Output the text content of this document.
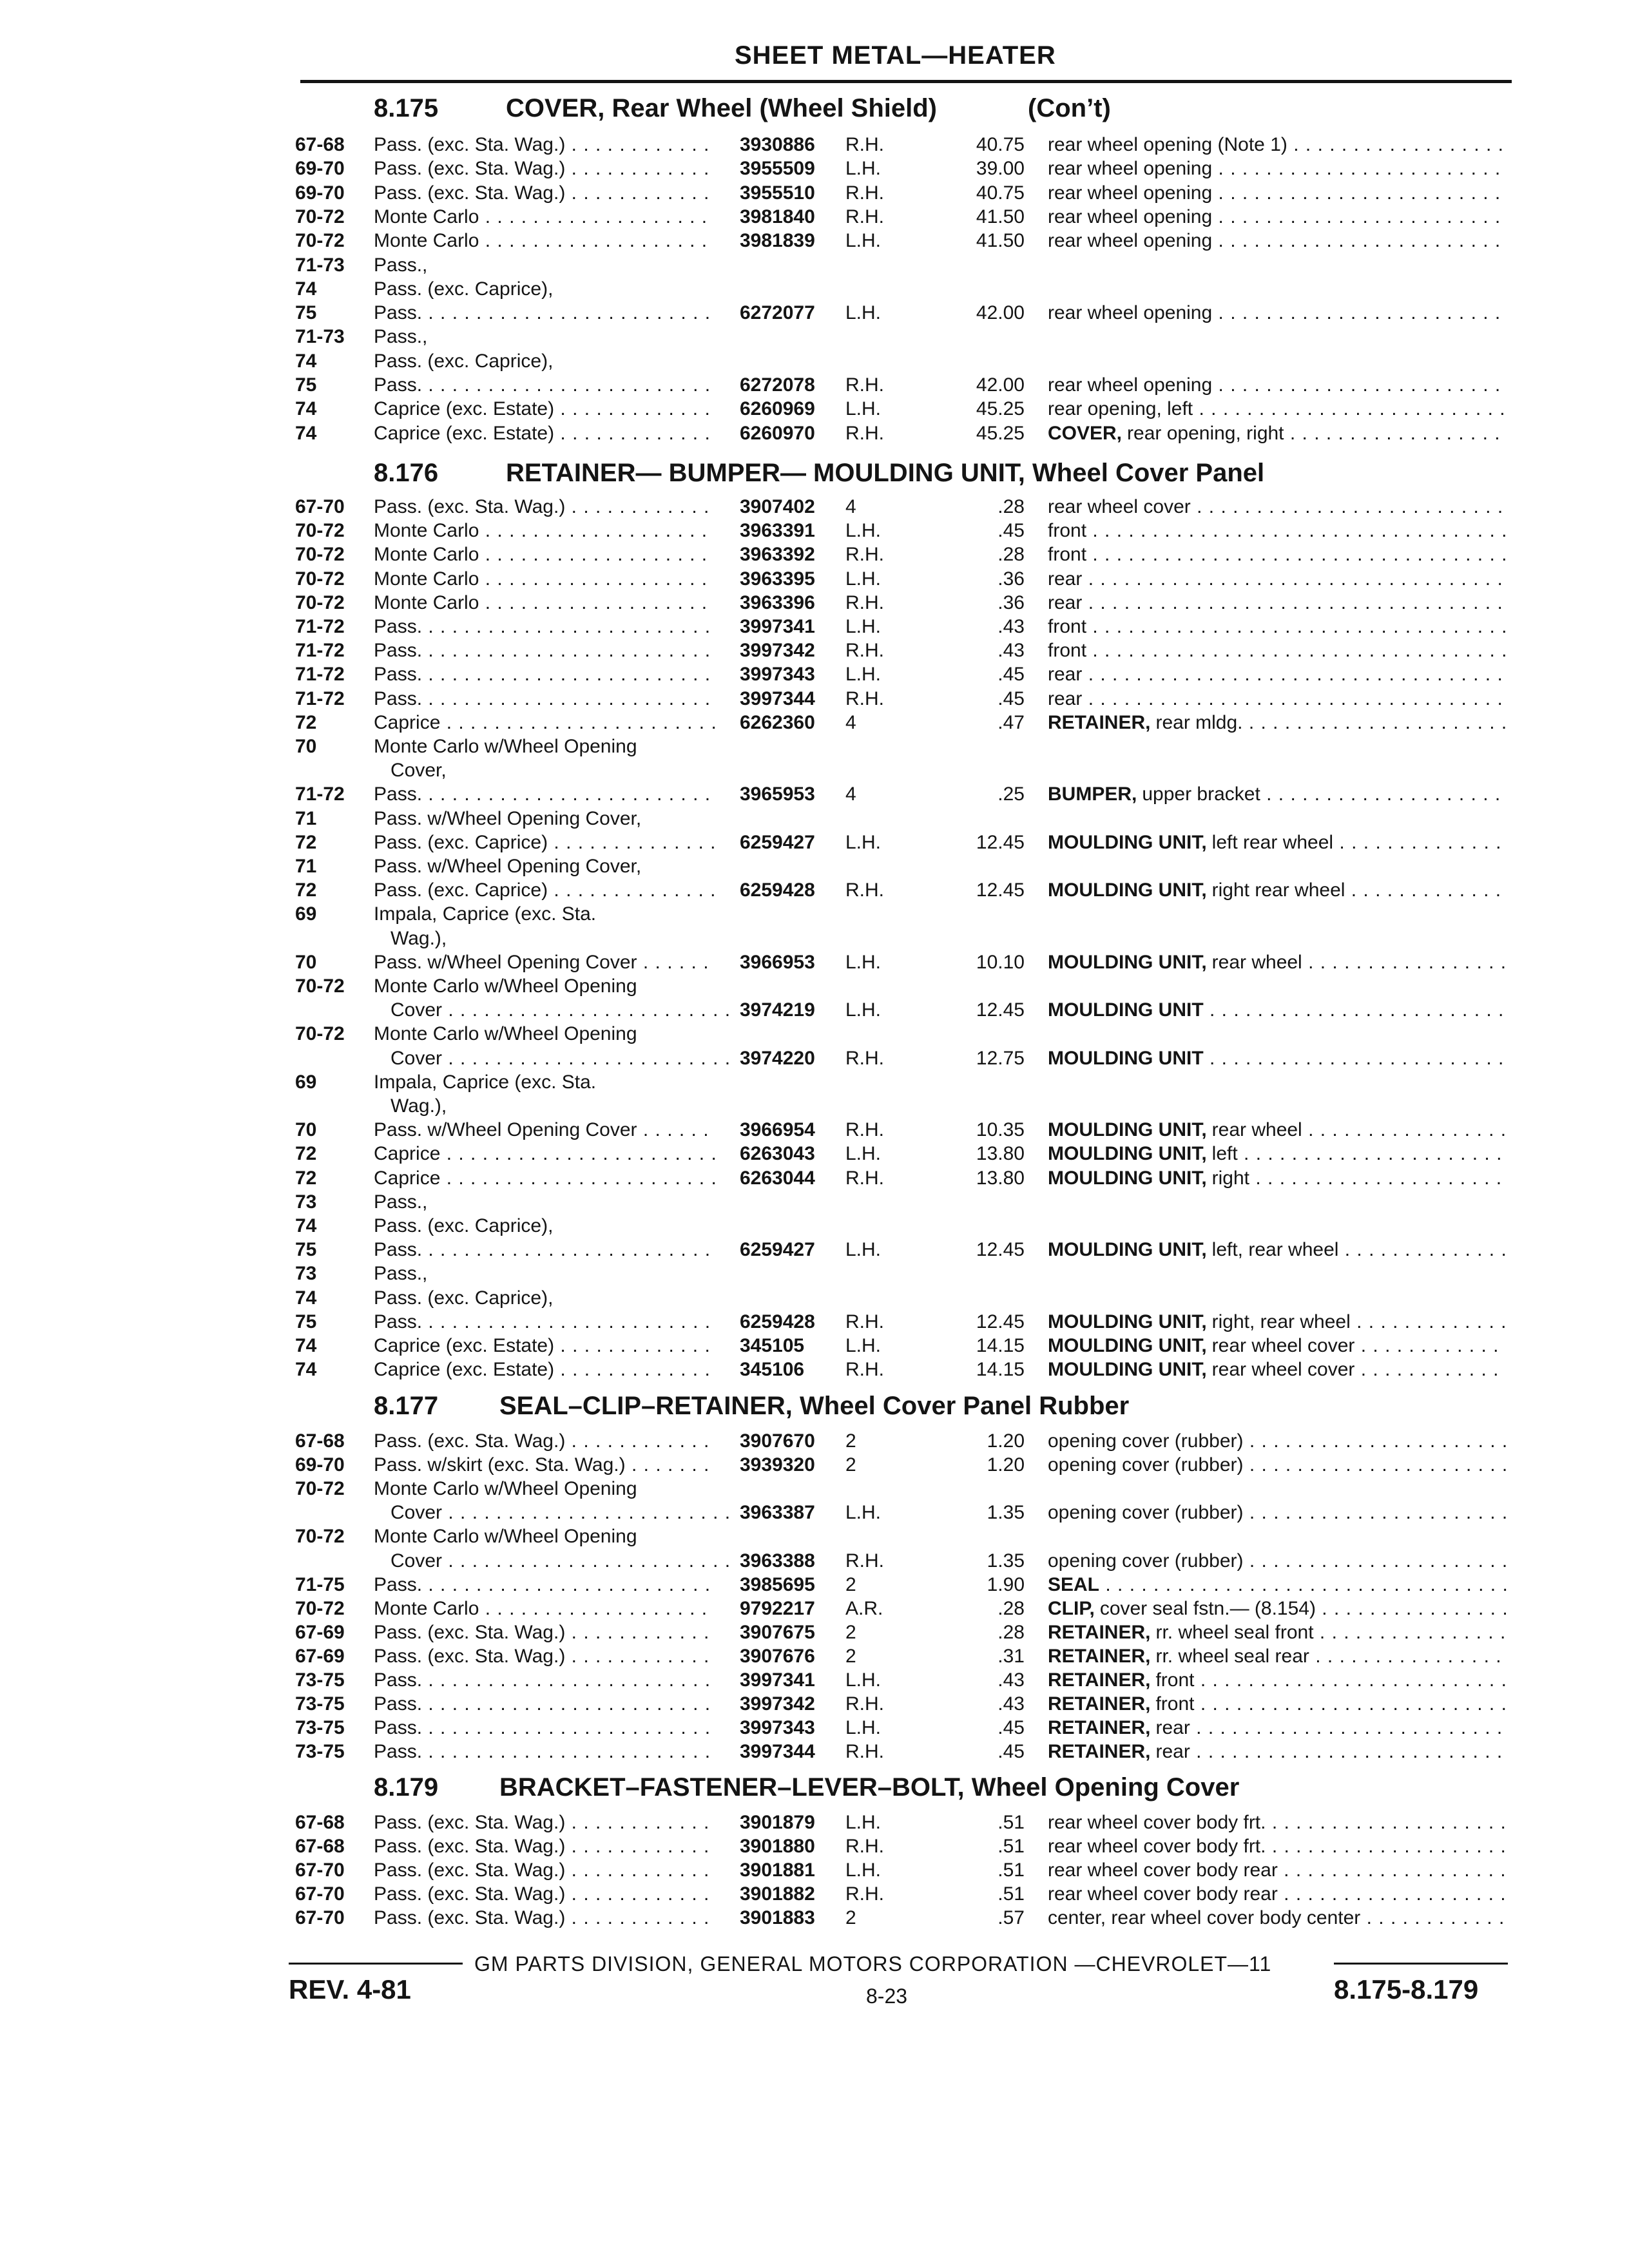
SHEET METAL—HEATER
8.175	COVER, Rear Wheel (Wheel Shield)	(Con’t)
67-68 Pass. (exc. Sta. Wag.) . . .	3930886	R.H.	40.75 rear wheel opening (Note 1) . . .
69-70 Pass. (exc. Sta. Wag.) . . .	3955509	L.H.	39.00 rear wheel opening . . .
69-70 Pass. (exc. Sta. Wag.) . . .	3955510	R.H.	40.75 rear wheel opening . . .
70-72 Monte Carlo . . .	3981840	R.H.	41.50 rear wheel opening . . .
70-72 Monte Carlo . . .	3981839	L.H.	41.50 rear wheel opening . . .
71-73 Pass.,
74	Pass. (exc. Caprice),
75	Pass. . . .	6272077	L.H.	42.00 rear wheel opening . . .
71-73 Pass.,
74	Pass. (exc. Caprice),
75	Pass. . . .	6272078	R.H.	42.00 rear wheel opening . . .
74	Caprice (exc. Estate) . . .	6260969	L.H.	45.25 rear opening, left . . .
74	Caprice (exc. Estate) . . .	6260970	R.H.	45.25 COVER, rear opening, right . . .
8.176	RETAINER— BUMPER— MOULDING UNIT, Wheel Cover Panel
67-70 Pass. (exc. Sta. Wag.) . . .	3907402	4	.28 rear wheel cover . . .
70-72 Monte Carlo . . .	3963391	L.H.	.45 front . . .
70-72 Monte Carlo . . .	3963392	R.H.	.28 front . . .
70-72 Monte Carlo . . .	3963395	L.H.	.36 rear . . .
70-72 Monte Carlo . . .	3963396	R.H.	.36 rear . . .
71-72 Pass. . . .	3997341	L.H.	.43 front . . .
71-72 Pass. . . .	3997342	R.H.	.43 front . . .
71-72 Pass. . . .	3997343	L.H.	.45 rear . . .
71-72 Pass. . . .	3997344	R.H.	.45 rear . . .
72	Caprice . . .	6262360	4	.47 RETAINER, rear mldg. . . .
70	Monte Carlo w/Wheel Opening
Cover,
71-72 Pass. . . .	3965953	4	.25 BUMPER, upper bracket . . .
71	Pass. w/Wheel Opening Cover,
72	Pass. (exc. Caprice) . . .	6259427	L.H.	12.45 MOULDING UNIT, left rear wheel . . .
71	Pass. w/Wheel Opening Cover,
72	Pass. (exc. Caprice) . . .	6259428	R.H.	12.45 MOULDING UNIT, right rear wheel . . .
69	Impala, Caprice (exc. Sta.
Wag.),
70	Pass. w/Wheel Opening Cover . . .	3966953	L.H.	10.10 MOULDING UNIT, rear wheel . . .
70-72 Monte Carlo w/Wheel Opening
Cover . . .	3974219	L.H.	12.45 MOULDING UNIT . . .
70-72 Monte Carlo w/Wheel Opening
Cover . . .	3974220	R.H.	12.75 MOULDING UNIT . . .
69	Impala, Caprice (exc. Sta.
Wag.),
70	Pass. w/Wheel Opening Cover . . .	3966954	R.H.	10.35 MOULDING UNIT, rear wheel . . .
72	Caprice . . .	6263043	L.H.	13.80 MOULDING UNIT, left . . .
72	Caprice . . .	6263044	R.H.	13.80 MOULDING UNIT, right . . .
73	Pass.,
74	Pass. (exc. Caprice),
75	Pass. . . .	6259427	L.H.	12.45 MOULDING UNIT, left, rear wheel . . .
73	Pass.,
74	Pass. (exc. Caprice),
75	Pass. . . .	6259428	R.H.	12.45 MOULDING UNIT, right, rear wheel . . .
74	Caprice (exc. Estate) . . .	345105	L.H.	14.15 MOULDING UNIT, rear wheel cover . . .
74	Caprice (exc. Estate) . . .	345106	R.H.	14.15 MOULDING UNIT, rear wheel cover . . .
8.177 SEAL–CLIP–RETAINER, Wheel Cover Panel Rubber
67-68 Pass. (exc. Sta. Wag.) . . .	3907670	2	1.20 opening cover (rubber) . . .
69-70 Pass. w/skirt (exc. Sta. Wag.) . . .	3939320	2	1.20 opening cover (rubber) . . .
70-72 Monte Carlo w/Wheel Opening
Cover . . .	3963387	L.H.	1.35 opening cover (rubber) . . .
70-72 Monte Carlo w/Wheel Opening
Cover . . .	3963388	R.H.	1.35 opening cover (rubber) . . .
71-75 Pass. . . .	3985695	2	1.90 SEAL . . .
70-72 Monte Carlo . . .	9792217	A.R.	.28 CLIP, cover seal fstn.— (8.154) . . .
67-69 Pass. (exc. Sta. Wag.) . . .	3907675	2	.28 RETAINER, rr. wheel seal front . . .
67-69 Pass. (exc. Sta. Wag.) . . .	3907676	2	.31 RETAINER, rr. wheel seal rear . . .
73-75 Pass. . . .	3997341	L.H.	.43 RETAINER, front . . .
73-75 Pass. . . .	3997342	R.H.	.43 RETAINER, front . . .
73-75 Pass. . . .	3997343	L.H.	.45 RETAINER, rear . . .
73-75 Pass. . . .	3997344	R.H.	.45 RETAINER, rear . . .
8.179 BRACKET–FASTENER–LEVER–BOLT, Wheel Opening Cover
67-68 Pass. (exc. Sta. Wag.) . . .	3901879	L.H.	.51 rear wheel cover body frt. . . .
67-68 Pass. (exc. Sta. Wag.) . . .	3901880	R.H.	.51 rear wheel cover body frt. . . .
67-70 Pass. (exc. Sta. Wag.) . . .	3901881	L.H.	.51 rear wheel cover body rear . . .
67-70 Pass. (exc. Sta. Wag.) . . .	3901882	R.H.	.51 rear wheel cover body rear . . .
67-70 Pass. (exc. Sta. Wag.) . . .	3901883	2	.57 center, rear wheel cover body center . . .
GM PARTS DIVISION, GENERAL MOTORS CORPORATION —CHEVROLET—11
REV. 4-81	8-23	8.175-8.179
